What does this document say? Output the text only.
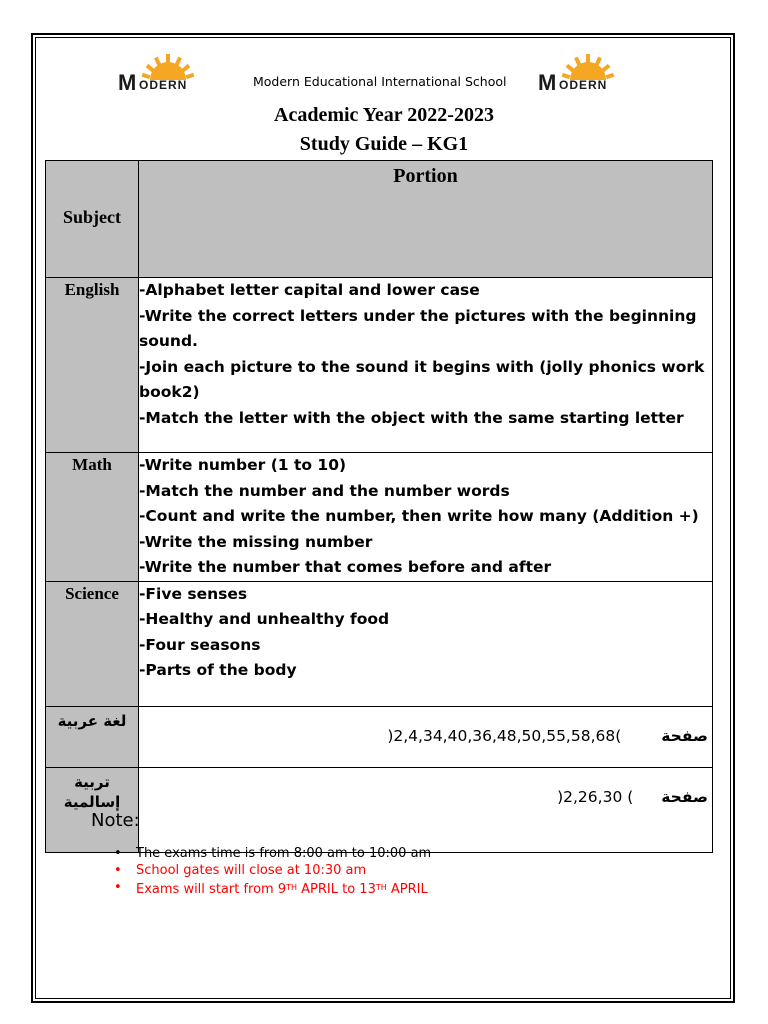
M ODERN	Modern Educational International School M ODERN
Academic Year 2022-2023
Study Guide – KG1
Subject	Portion

English	-Alphabet letter capital and lower case
-Write the correct letters under the pictures with the beginning sound.
-Join each picture to the sound it begins with (jolly phonics work book2)
-Match the letter with the object with the same starting letter

Math	-Write number (1 to 10)
-Match the number and the number words
-Count and write the number, then write how many (Addition +)
-Write the missing number
-Write the number that comes before and after

Science	-Five senses
-Healthy and unhealthy food
-Four seasons
-Parts of the body

لغة عربية	)2,4,34,40,36,48,50,55,58,68( صفحة

تربية إسالمية	)2,26,30 ( صفحة
Note:
• The exams time is from 8:00 am to 10:00 am
• School gates will close at 10:30 am
• Exams will start from 9TH APRIL to 13TH APRIL
